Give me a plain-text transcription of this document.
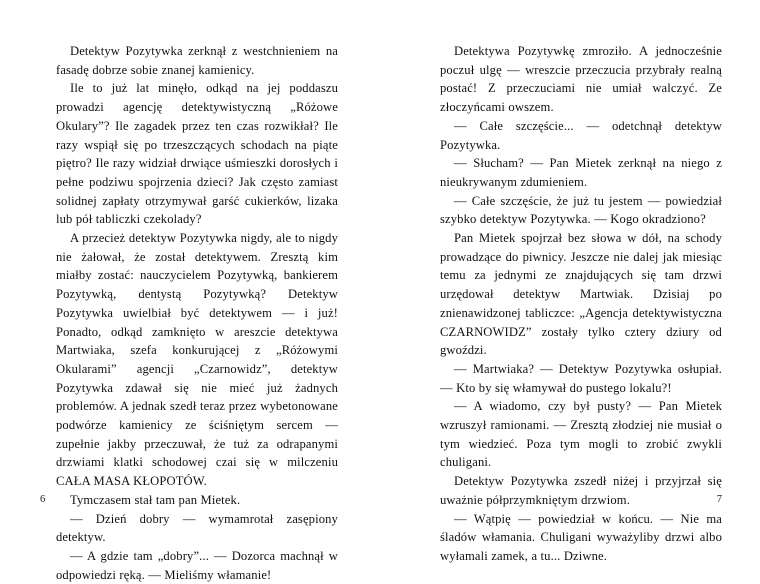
Detektyw Pozytywka zerknął z westchnieniem na fasadę dobrze sobie znanej kamienicy.

Ile to już lat minęło, odkąd na jej poddaszu prowadzi agencję detektywistyczną „Różowe Okulary”? Ile zagadek przez ten czas rozwikłał? Ile razy wspiął się po trzeszczących schodach na piąte piętro? Ile razy widział drwiące uśmieszki dorosłych i pełne podziwu spojrzenia dzieci? Jak często zamiast solidnej zapłaty otrzymywał garść cukierków, lizaka lub pół tabliczki czekolady?

A przecież detektyw Pozytywka nigdy, ale to nigdy nie żałował, że został detektywem. Zresztą kim miałby zostać: nauczycielem Pozytywką, bankierem Pozytywką, dentystą Pozytywką? Detektyw Pozytywka uwielbiał być detektywem — i już! Ponadto, odkąd zamknięto w areszcie detektywa Martwiaka, szefa konkurującej z „Różowymi Okularami” agencji „Czarnowidz”, detektyw Pozytywka zdawał się nie mieć już żadnych problemów. A jednak szedł teraz przez wybetonowane podwórze kamienicy ze ściśniętym sercem — zupełnie jakby przeczuwał, że tuż za odrapanymi drzwiami klatki schodowej czai się w milczeniu CAŁA MASA KŁOPOTÓW.

Tymczasem stał tam pan Mietek.

— Dzień dobry — wymamrotał zasępiony detektyw.

— A gdzie tam „dobry”... — Dozorca machnął w odpowiedzi ręką. — Mieliśmy włamanie!

6

Detektywa Pozytywkę zmroziło. A jednocześnie poczuł ulgę — wreszcie przeczucia przybrały realną postać! Z przeczuciami nie umiał walczyć. Ze złoczyńcami owszem.

— Całe szczęście... — odetchnął detektyw Pozytywka.

— Słucham? — Pan Mietek zerknął na niego z nieukrywanym zdumieniem.

— Całe szczęście, że już tu jestem — powiedział szybko detektyw Pozytywka. — Kogo okradziono?

Pan Mietek spojrzał bez słowa w dół, na schody prowadzące do piwnicy. Jeszcze nie dalej jak miesiąc temu za jednymi ze znajdujących się tam drzwi urzędował detektyw Martwiak. Dzisiaj po znienawidzonej tabliczce: „Agencja detektywistyczna CZARNOWIDZ” zostały tylko cztery dziury od gwoździ.

— Martwiaka? — Detektyw Pozytywka osłupiał. — Kto by się włamywał do pustego lokalu?!

— A wiadomo, czy był pusty? — Pan Mietek wzruszył ramionami. — Zresztą złodziej nie musiał o tym wiedzieć. Poza tym mogli to zrobić zwykli chuligani.

Detektyw Pozytywka zszedł niżej i przyjrzał się uważnie półprzymkniętym drzwiom.

— Wątpię — powiedział w końcu. — Nie ma śladów włamania. Chuligani wyważyliby drzwi albo wyłamali zamek, a tu... Dziwne.

7
